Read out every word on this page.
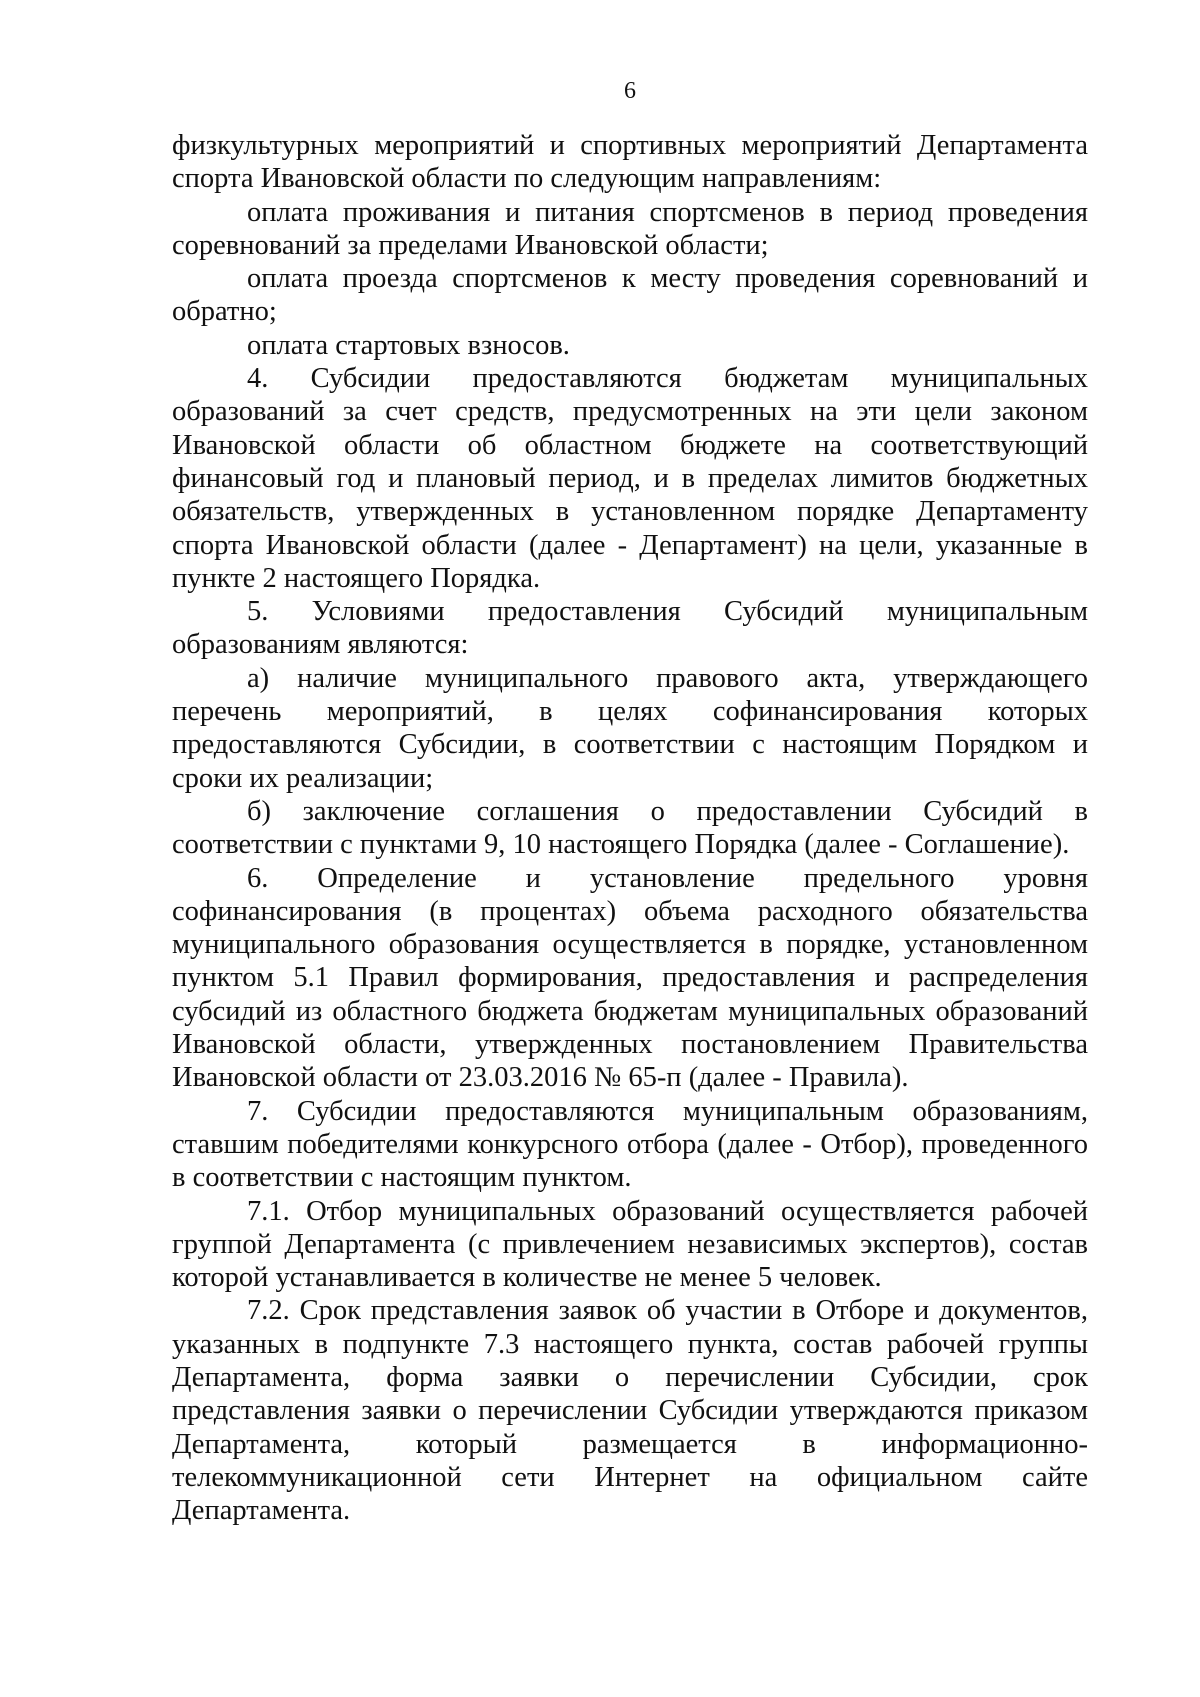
6

физкультурных мероприятий и спортивных мероприятий Департамента спорта Ивановской области по следующим направлениям:

оплата проживания и питания спортсменов в период проведения соревнований за пределами Ивановской области;

оплата проезда спортсменов к месту проведения соревнований и обратно;

оплата стартовых взносов.

4. Субсидии предоставляются бюджетам муниципальных образований за счет средств, предусмотренных на эти цели законом Ивановской области об областном бюджете на соответствующий финансовый год и плановый период, и в пределах лимитов бюджетных обязательств, утвержденных в установленном порядке Департаменту спорта Ивановской области (далее - Департамент) на цели, указанные в пункте 2 настоящего Порядка.

5. Условиями предоставления Субсидий муниципальным образованиям являются:

а) наличие муниципального правового акта, утверждающего перечень мероприятий, в целях софинансирования которых предоставляются Субсидии, в соответствии с настоящим Порядком и сроки их реализации;

б) заключение соглашения о предоставлении Субсидий в соответствии с пунктами 9, 10 настоящего Порядка (далее - Соглашение).

6. Определение и установление предельного уровня софинансирования (в процентах) объема расходного обязательства муниципального образования осуществляется в порядке, установленном пунктом 5.1 Правил формирования, предоставления и распределения субсидий из областного бюджета бюджетам муниципальных образований Ивановской области, утвержденных постановлением Правительства Ивановской области от 23.03.2016 № 65-п (далее - Правила).

7. Субсидии предоставляются муниципальным образованиям, ставшим победителями конкурсного отбора (далее - Отбор), проведенного в соответствии с настоящим пунктом.

7.1. Отбор муниципальных образований осуществляется рабочей группой Департамента (с привлечением независимых экспертов), состав которой устанавливается в количестве не менее 5 человек.

7.2. Срок представления заявок об участии в Отборе и документов, указанных в подпункте 7.3 настоящего пункта, состав рабочей группы Департамента, форма заявки о перечислении Субсидии, срок представления заявки о перечислении Субсидии утверждаются приказом Департамента, который размещается в информационно-телекоммуникационной сети Интернет на официальном сайте Департамента.
